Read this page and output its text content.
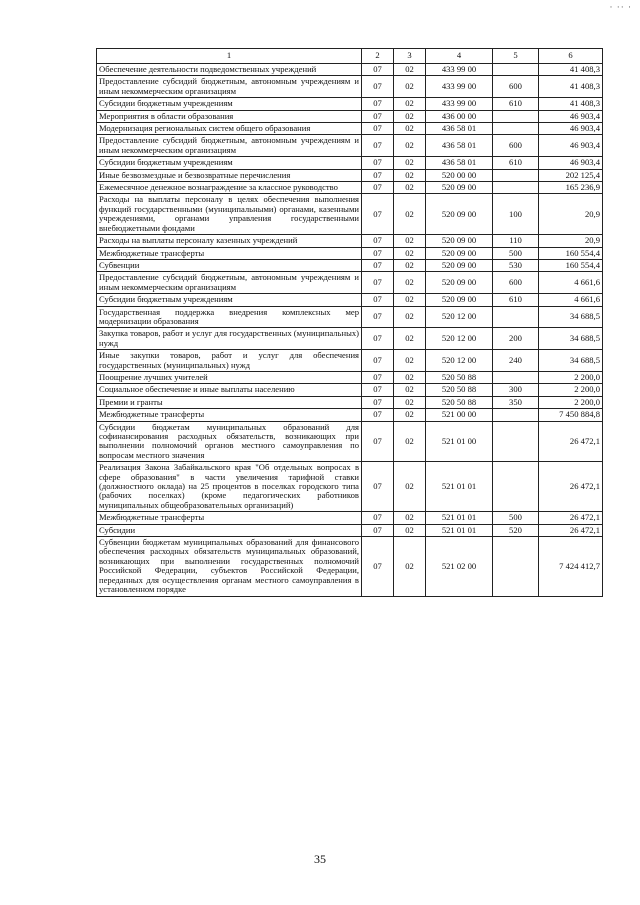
· ·· ·
1	2	3	4	5	6
Обеспечение деятельности подведомственных учреждений	07	02	433 99 00		41 408,3
Предоставление субсидий бюджетным, автономным учреждениям и иным некоммерческим организациям	07	02	433 99 00	600	41 408,3
Субсидии бюджетным учреждениям	07	02	433 99 00	610	41 408,3
Мероприятия в области образования	07	02	436 00 00		46 903,4
Модернизация региональных систем общего образования	07	02	436 58 01		46 903,4
Предоставление субсидий бюджетным, автономным учреждениям и иным некоммерческим организациям	07	02	436 58 01	600	46 903,4
Субсидии бюджетным учреждениям	07	02	436 58 01	610	46 903,4
Иные безвозмездные и безвозвратные перечисления	07	02	520 00 00		202 125,4
Ежемесячное денежное вознаграждение за классное руководство	07	02	520 09 00		165 236,9
Расходы на выплаты персоналу в целях обеспечения выполнения функций государственными (муниципальными) органами, казенными учреждениями, органами управления государственными внебюджетными фондами	07	02	520 09 00	100	20,9
Расходы на выплаты персоналу казенных учреждений	07	02	520 09 00	110	20,9
Межбюджетные трансферты	07	02	520 09 00	500	160 554,4
Субвенции	07	02	520 09 00	530	160 554,4
Предоставление субсидий бюджетным, автономным учреждениям и иным некоммерческим организациям	07	02	520 09 00	600	4 661,6
Субсидии бюджетным учреждениям	07	02	520 09 00	610	4 661,6
Государственная поддержка внедрения комплексных мер модернизации образования	07	02	520 12 00		34 688,5
Закупка товаров, работ и услуг для государственных (муниципальных) нужд	07	02	520 12 00	200	34 688,5
Иные закупки товаров, работ и услуг для обеспечения государственных (муниципальных) нужд	07	02	520 12 00	240	34 688,5
Поощрение лучших учителей	07	02	520 50 88		2 200,0
Социальное обеспечение и иные выплаты населению	07	02	520 50 88	300	2 200,0
Премии и гранты	07	02	520 50 88	350	2 200,0
Межбюджетные трансферты	07	02	521 00 00		7 450 884,8
Субсидии бюджетам муниципальных образований для софинансирования расходных обязательств, возникающих при выполнении полномочий органов местного самоуправления по вопросам местного значения	07	02	521 01 00		26 472,1
Реализация Закона Забайкальского края "Об отдельных вопросах в сфере образования" в части увеличения тарифной ставки (должностного оклада) на 25 процентов в поселках городского типа (рабочих поселках) (кроме педагогических работников муниципальных общеобразовательных организаций)	07	02	521 01 01		26 472,1
Межбюджетные трансферты	07	02	521 01 01	500	26 472,1
Субсидии	07	02	521 01 01	520	26 472,1
Субвенции бюджетам муниципальных образований для финансового обеспечения расходных обязательств муниципальных образований, возникающих при выполнении государственных полномочий Российской Федерации, субъектов Российской Федерации, переданных для осуществления органам местного самоуправления в установленном порядке	07	02	521 02 00		7 424 412,7
35
